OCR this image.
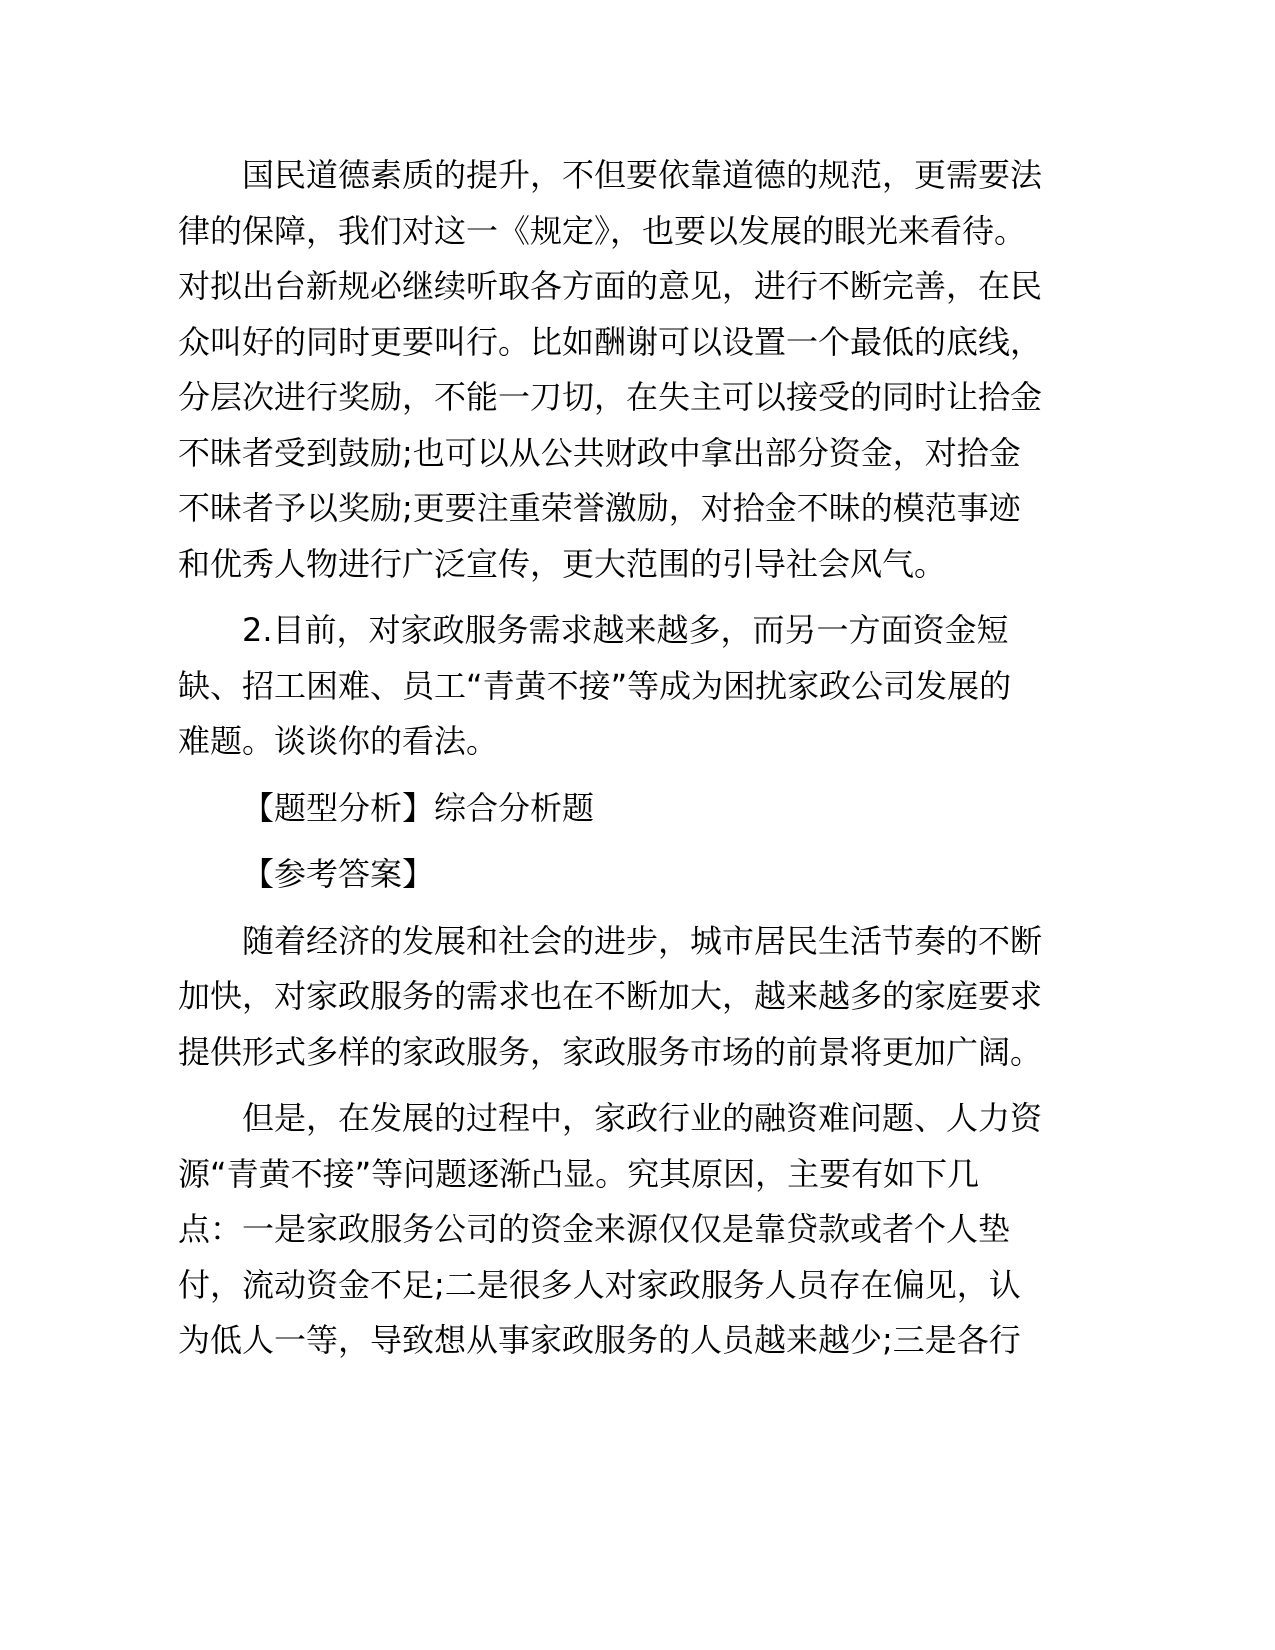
国民道德素质的提升，不但要依靠道德的规范，更需要法
律的保障，我们对这一《规定》，也要以发展的眼光来看待。
对拟出台新规必继续听取各方面的意见，进行不断完善，在民
众叫好的同时更要叫行。比如酬谢可以设置一个最低的底线，
分层次进行奖励，不能一刀切，在失主可以接受的同时让拾金
不昧者受到鼓励;也可以从公共财政中拿出部分资金，对拾金
不昧者予以奖励;更要注重荣誉激励，对拾金不昧的模范事迹
和优秀人物进行广泛宣传，更大范围的引导社会风气。
2.目前，对家政服务需求越来越多，而另一方面资金短
缺、招工困难、员工“青黄不接”等成为困扰家政公司发展的
难题。谈谈你的看法。
【题型分析】综合分析题
【参考答案】
随着经济的发展和社会的进步，城市居民生活节奏的不断
加快，对家政服务的需求也在不断加大，越来越多的家庭要求
提供形式多样的家政服务，家政服务市场的前景将更加广阔。
但是，在发展的过程中，家政行业的融资难问题、人力资
源“青黄不接”等问题逐渐凸显。究其原因，主要有如下几
点：一是家政服务公司的资金来源仅仅是靠贷款或者个人垫
付，流动资金不足;二是很多人对家政服务人员存在偏见，认
为低人一等，导致想从事家政服务的人员越来越少;三是各行
